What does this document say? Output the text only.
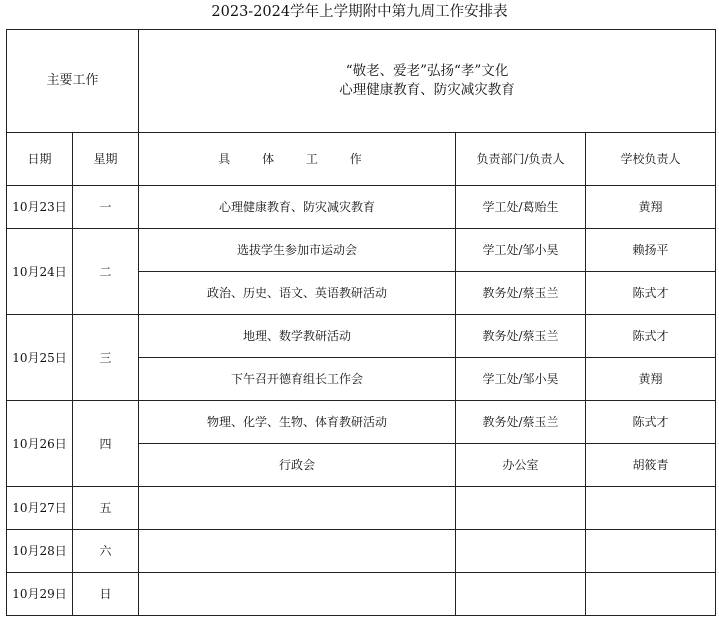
2023-2024学年上学期附中第九周工作安排表
主要工作		“敬老、爱老”弘扬“孝”文化
心理健康教育、防灾减灾教育		

日期	星期	具 体 工 作	负责部门/负责人	学校负责人
10月23日	一	心理健康教育、防灾减灾教育	学工处/葛贻生	黄翔
10月24日	二	选拔学生参加市运动会	学工处/邹小昊	赖扬平
		政治、历史、语文、英语教研活动	教务处/蔡玉兰	陈式才
10月25日	三	地理、数学教研活动	教务处/蔡玉兰	陈式才
		下午召开德育组长工作会	学工处/邹小昊	黄翔
10月26日	四	物理、化学、生物、体育教研活动	教务处/蔡玉兰	陈式才
		行政会	办公室	胡筱青
10月27日	五			
10月28日	六			
10月29日	日			
